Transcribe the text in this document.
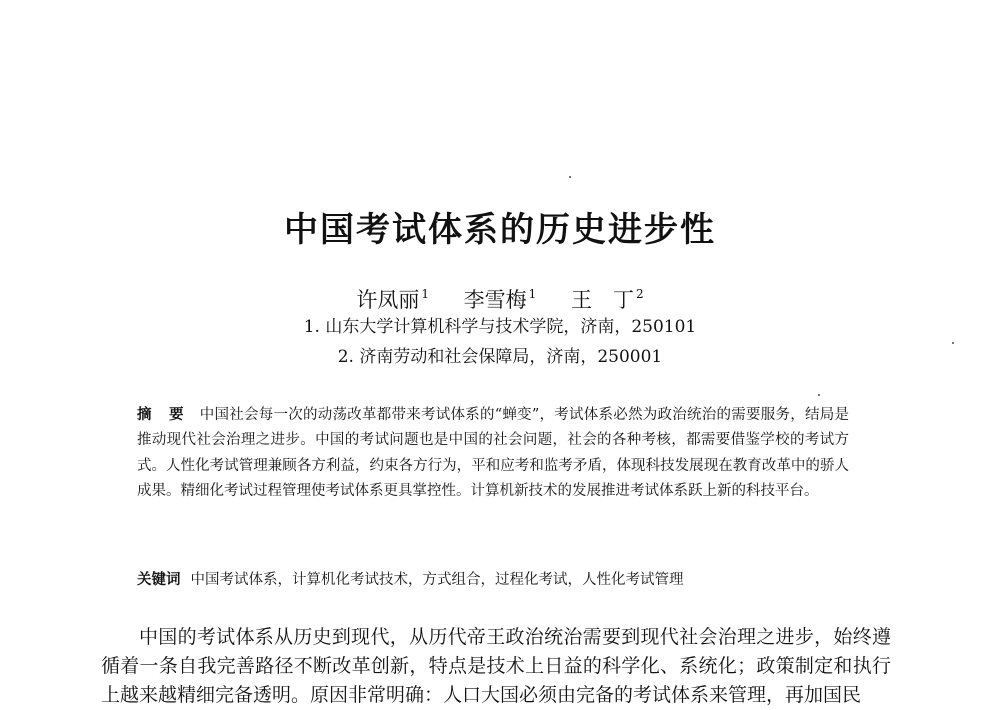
中国考试体系的历史进步性
许凤丽 $^1$ 李雪梅 $^1$ 王　丁 $^2$
1. 山东大学计算机科学与技术学院，济南，250101
2. 济南劳动和社会保障局，济南，250001
摘 要 中国社会每一次的动荡改革都带来考试体系的“蝉变”，考试体系必然为政治统治的需要服务，结局是推动现代社会治理之进步。中国的考试问题也是中国的社会问题，社会的各种考核，都需要借鉴学校的考试方式。人性化考试管理兼顾各方利益，约束各方行为，平和应考和监考矛盾，体现科技发展现在教育改革中的骄人成果。精细化考试过程管理使考试体系更具掌控性。计算机新技术的发展推进考试体系跃上新的科技平台。
关键词 中国考试体系，计算机化考试技术，方式组合，过程化考试，人性化考试管理
中国的考试体系从历史到现代，从历代帝王政治统治需要到现代社会治理之进步，始终遵循着一条自我完善路径不断改革创新，特点是技术上日益的科学化、系统化；政策制定和执行上越来越精细完备透明。原因非常明确：人口大国必须由完备的考试体系来管理，再加国民
